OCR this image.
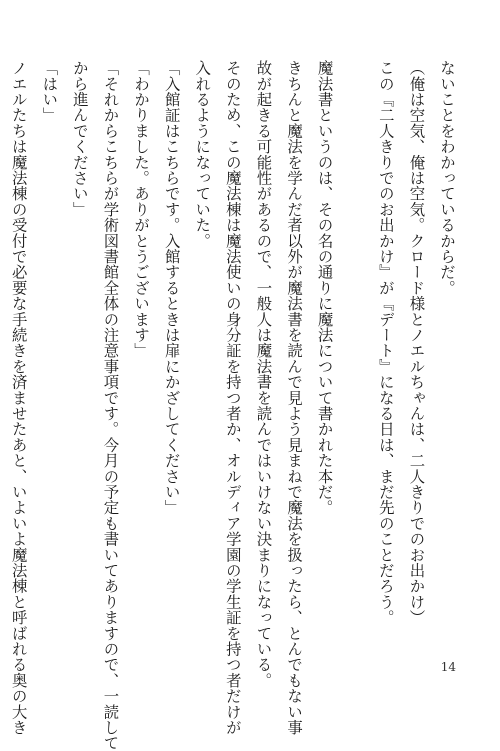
ないことをわかっているからだ。
（俺は空気、俺は空気。クロード様とノエルちゃんは、二人きりでのお出かけ）
この『二人きりでのお出かけ』が『デート』になる日は、まだ先のことだろう。
魔法書というのは、その名の通りに魔法について書かれた本だ。
きちんと魔法を学んだ者以外が魔法書を読んで見よう見まねで魔法を扱ったら、とんでもない事
故が起きる可能性があるので、一般人は魔法書を読んではいけない決まりになっている。
そのため、この魔法棟は魔法使いの身分証を持つ者か、オルディア学園の学生証を持つ者だけが
入れるようになっていた。
「入館証はこちらです。入館するときは扉にかざしてください」
「わかりました。ありがとうございます」
「それからこちらが学術図書館全体の注意事項です。今月の予定も書いてありますので、一読して
から進んでください」
「はい」
ノエルたちは魔法棟の受付で必要な手続きを済ませたあと、いよいよ魔法棟と呼ばれる奥の大き	14
